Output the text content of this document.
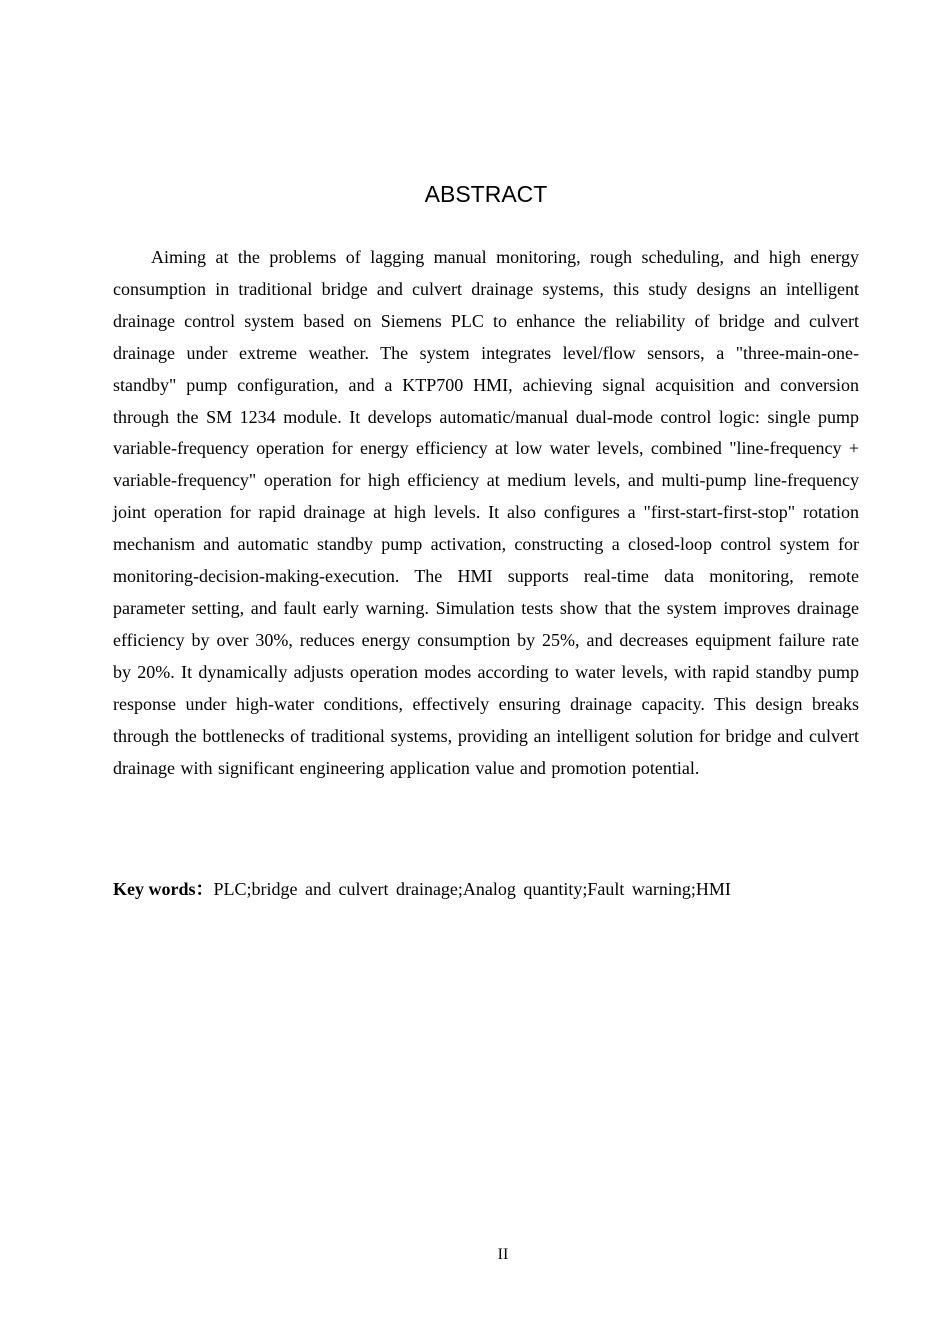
ABSTRACT

Aiming at the problems of lagging manual monitoring, rough scheduling, and high energy consumption in traditional bridge and culvert drainage systems, this study designs an intelligent drainage control system based on Siemens PLC to enhance the reliability of bridge and culvert drainage under extreme weather. The system integrates level/flow sensors, a "three-main-one-standby" pump configuration, and a KTP700 HMI, achieving signal acquisition and conversion through the SM 1234 module. It develops automatic/manual dual-mode control logic: single pump variable-frequency operation for energy efficiency at low water levels, combined "line-frequency + variable-frequency" operation for high efficiency at medium levels, and multi-pump line-frequency joint operation for rapid drainage at high levels. It also configures a "first-start-first-stop" rotation mechanism and automatic standby pump activation, constructing a closed-loop control system for monitoring-decision-making-execution. The HMI supports real-time data monitoring, remote parameter setting, and fault early warning. Simulation tests show that the system improves drainage efficiency by over 30%, reduces energy consumption by 25%, and decreases equipment failure rate by 20%. It dynamically adjusts operation modes according to water levels, with rapid standby pump response under high-water conditions, effectively ensuring drainage capacity. This design breaks through the bottlenecks of traditional systems, providing an intelligent solution for bridge and culvert drainage with significant engineering application value and promotion potential.

Key words：PLC;bridge and culvert drainage;Analog quantity;Fault warning;HMI

II
